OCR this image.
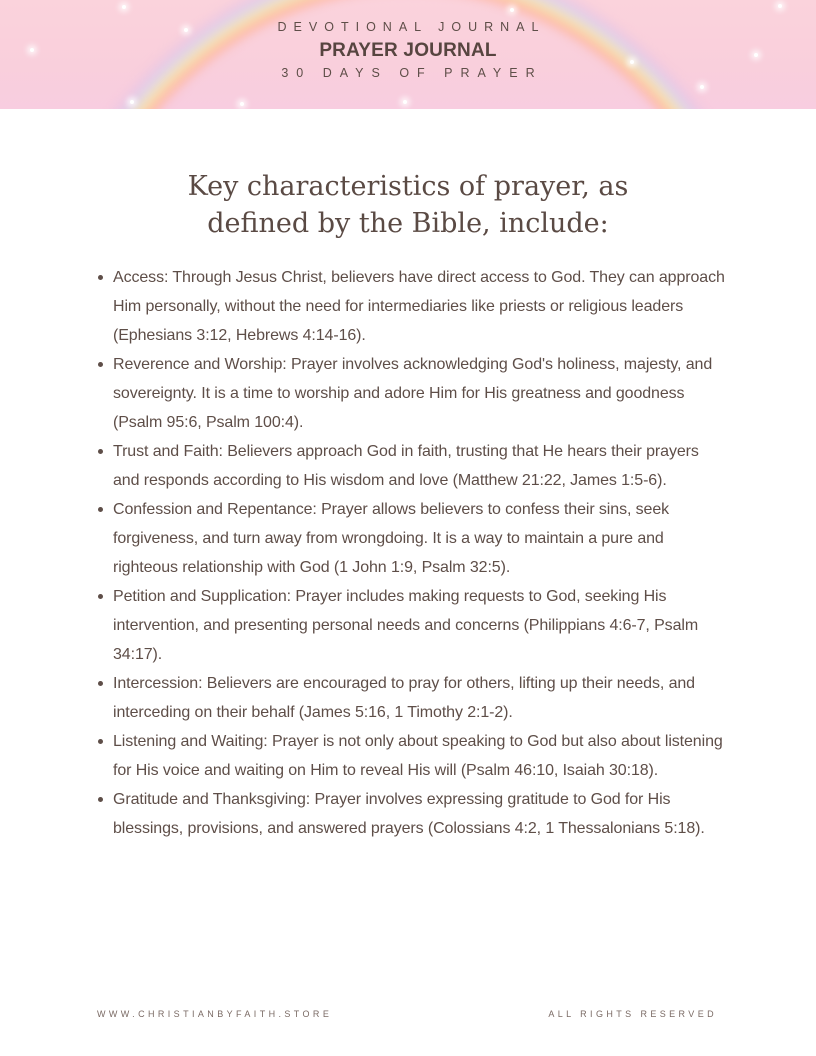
DEVOTIONAL JOURNAL
PRAYER JOURNAL
30 DAYS OF PRAYER
Key characteristics of prayer, as defined by the Bible, include:
Access: Through Jesus Christ, believers have direct access to God. They can approach Him personally, without the need for intermediaries like priests or religious leaders (Ephesians 3:12, Hebrews 4:14-16).
Reverence and Worship: Prayer involves acknowledging God's holiness, majesty, and sovereignty. It is a time to worship and adore Him for His greatness and goodness (Psalm 95:6, Psalm 100:4).
Trust and Faith: Believers approach God in faith, trusting that He hears their prayers and responds according to His wisdom and love (Matthew 21:22, James 1:5-6).
Confession and Repentance: Prayer allows believers to confess their sins, seek forgiveness, and turn away from wrongdoing. It is a way to maintain a pure and righteous relationship with God (1 John 1:9, Psalm 32:5).
Petition and Supplication: Prayer includes making requests to God, seeking His intervention, and presenting personal needs and concerns (Philippians 4:6-7, Psalm 34:17).
Intercession: Believers are encouraged to pray for others, lifting up their needs, and interceding on their behalf (James 5:16, 1 Timothy 2:1-2).
Listening and Waiting: Prayer is not only about speaking to God but also about listening for His voice and waiting on Him to reveal His will (Psalm 46:10, Isaiah 30:18).
Gratitude and Thanksgiving: Prayer involves expressing gratitude to God for His blessings, provisions, and answered prayers (Colossians 4:2, 1 Thessalonians 5:18).
WWW.CHRISTIANBYFAITH.STORE	ALL RIGHTS RESERVED
